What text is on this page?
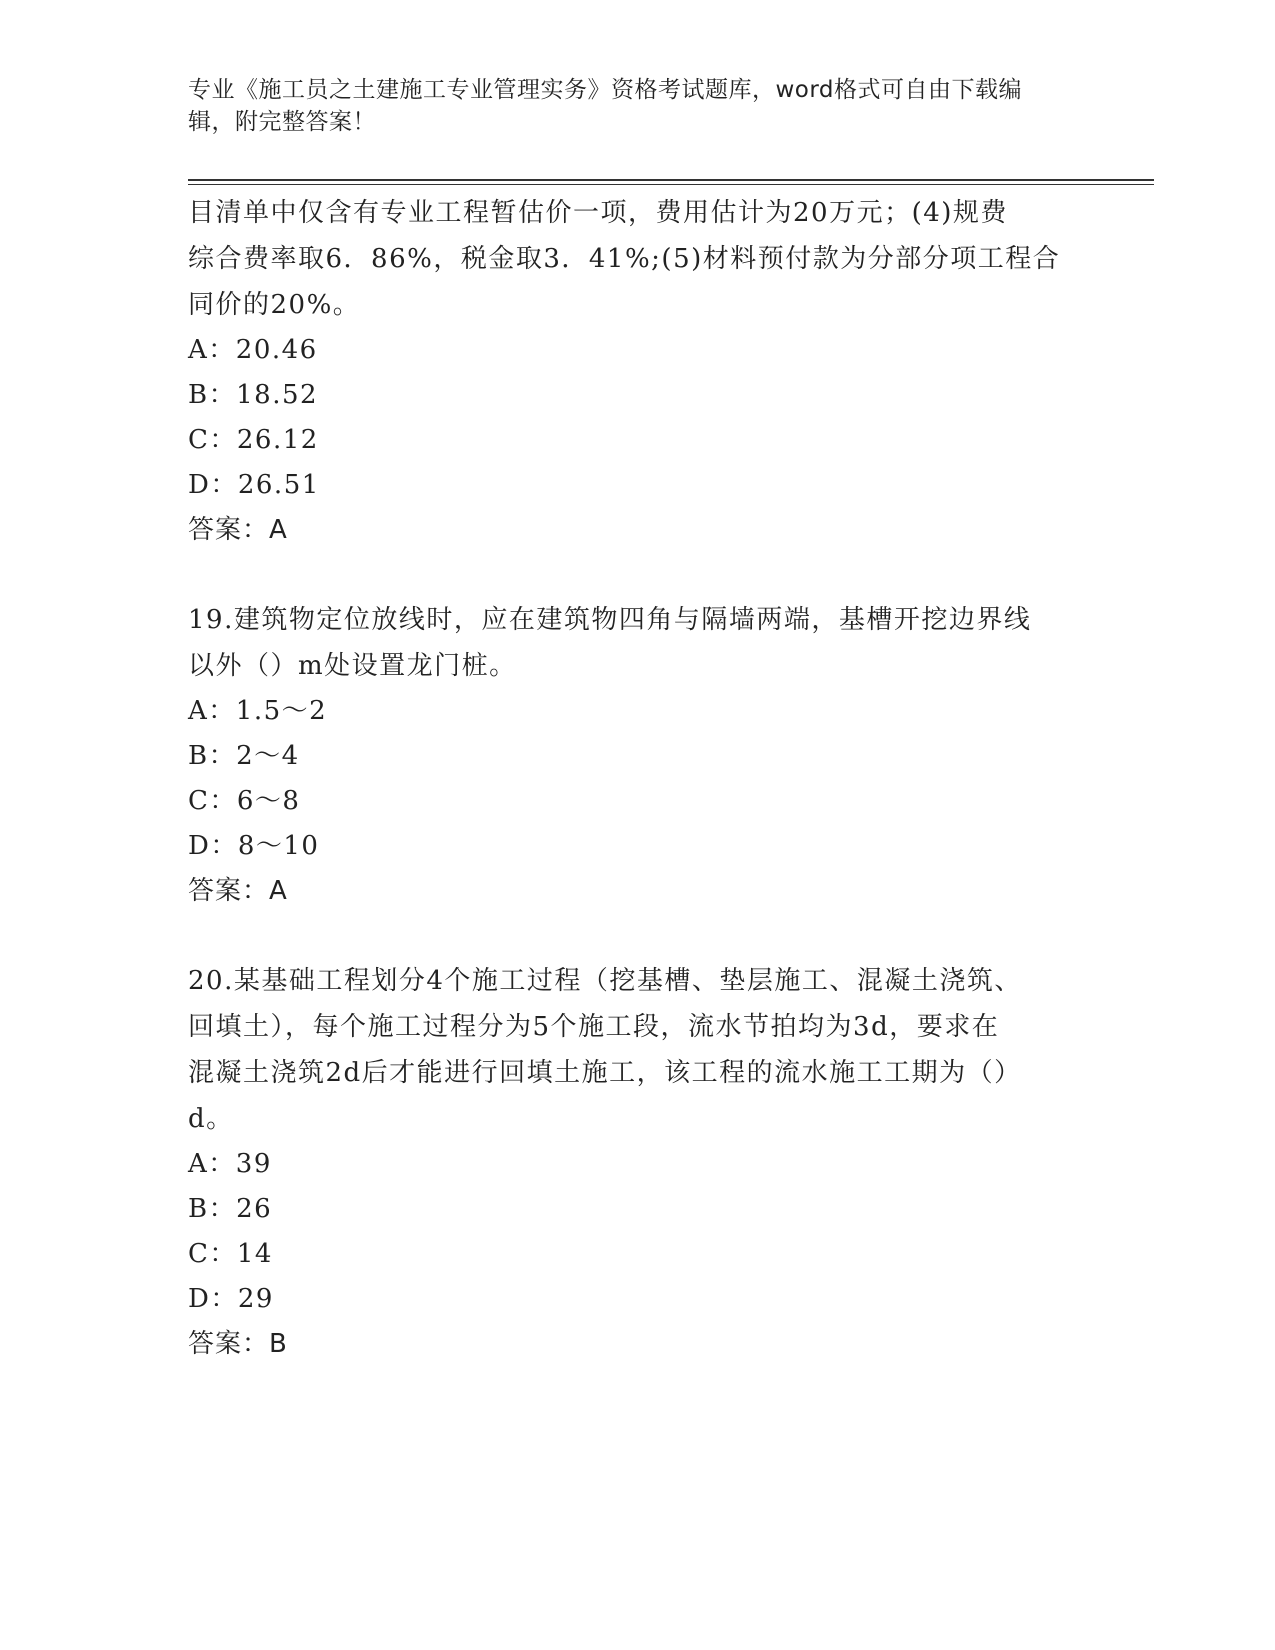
专业《施工员之土建施工专业管理实务》资格考试题库，word格式可自由下载编
辑，附完整答案！

目清单中仅含有专业工程暂估价一项，费用估计为20万元；(4)规费

综合费率取6．86%，税金取3．41%;(5)材料预付款为分部分项工程合

同价的20%。

A：20.46

B：18.52

C：26.12

D：26.51

答案：A

19.建筑物定位放线时，应在建筑物四角与隔墙两端，基槽开挖边界线

以外（）m处设置龙门桩。

A：1.5～2

B：2～4

C：6～8

D：8～10

答案：A

20.某基础工程划分4个施工过程（挖基槽、垫层施工、混凝土浇筑、

回填土），每个施工过程分为5个施工段，流水节拍均为3d，要求在

混凝土浇筑2d后才能进行回填土施工，该工程的流水施工工期为（）

d。

A：39

B：26

C：14

D：29

答案：B
